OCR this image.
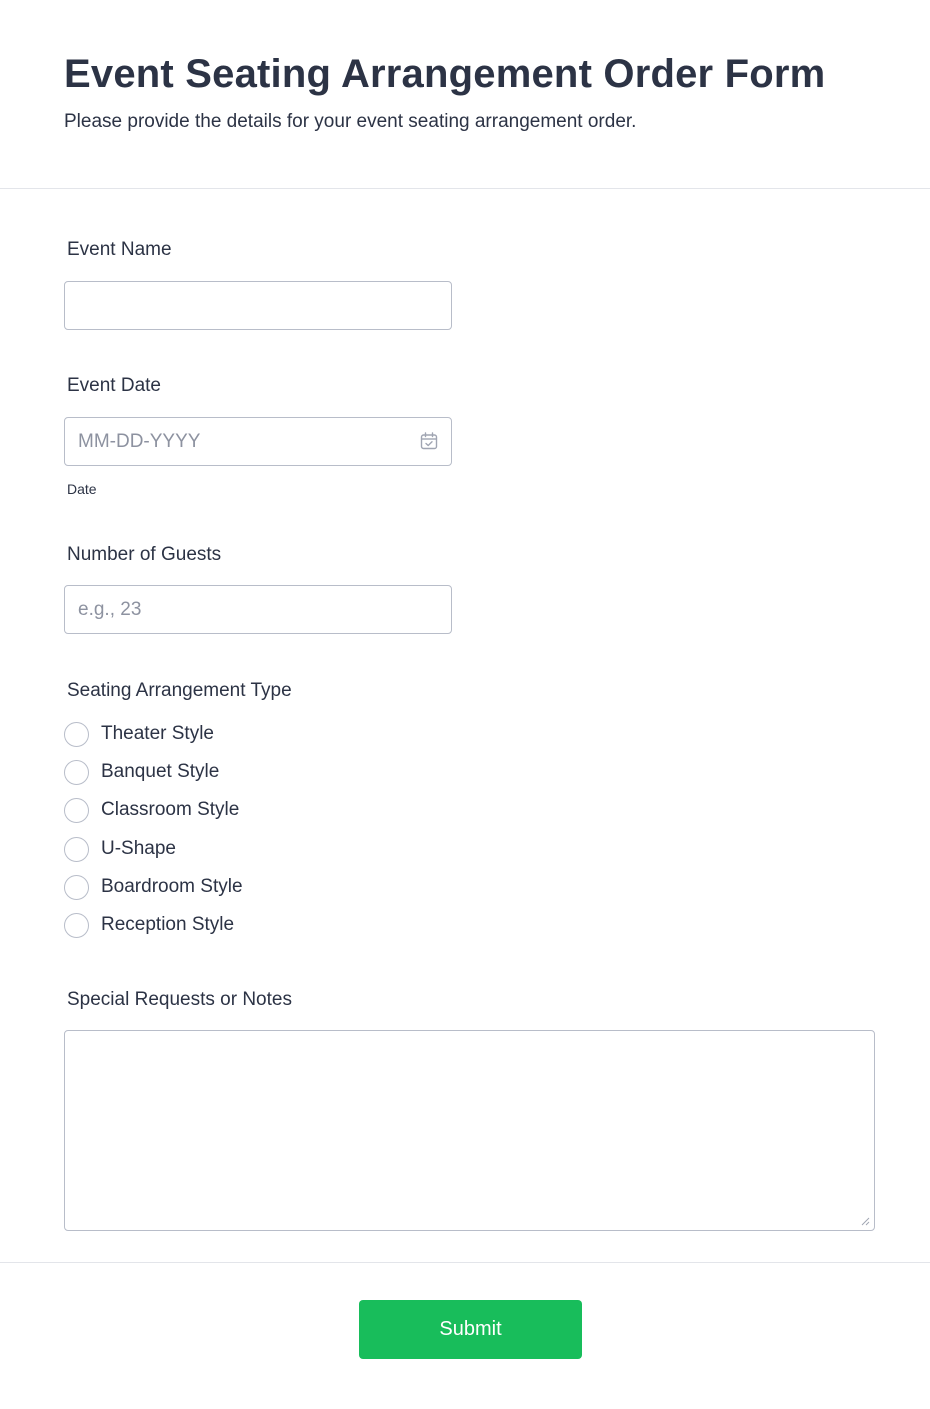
Event Seating Arrangement Order Form

Please provide the details for your event seating arrangement order.

Event Name
Event Date
MM-DD-YYYY
Date
Number of Guests
e.g., 23
Seating Arrangement Type
Theater Style
Banquet Style
Classroom Style
U-Shape
Boardroom Style
Reception Style
Special Requests or Notes
Submit
